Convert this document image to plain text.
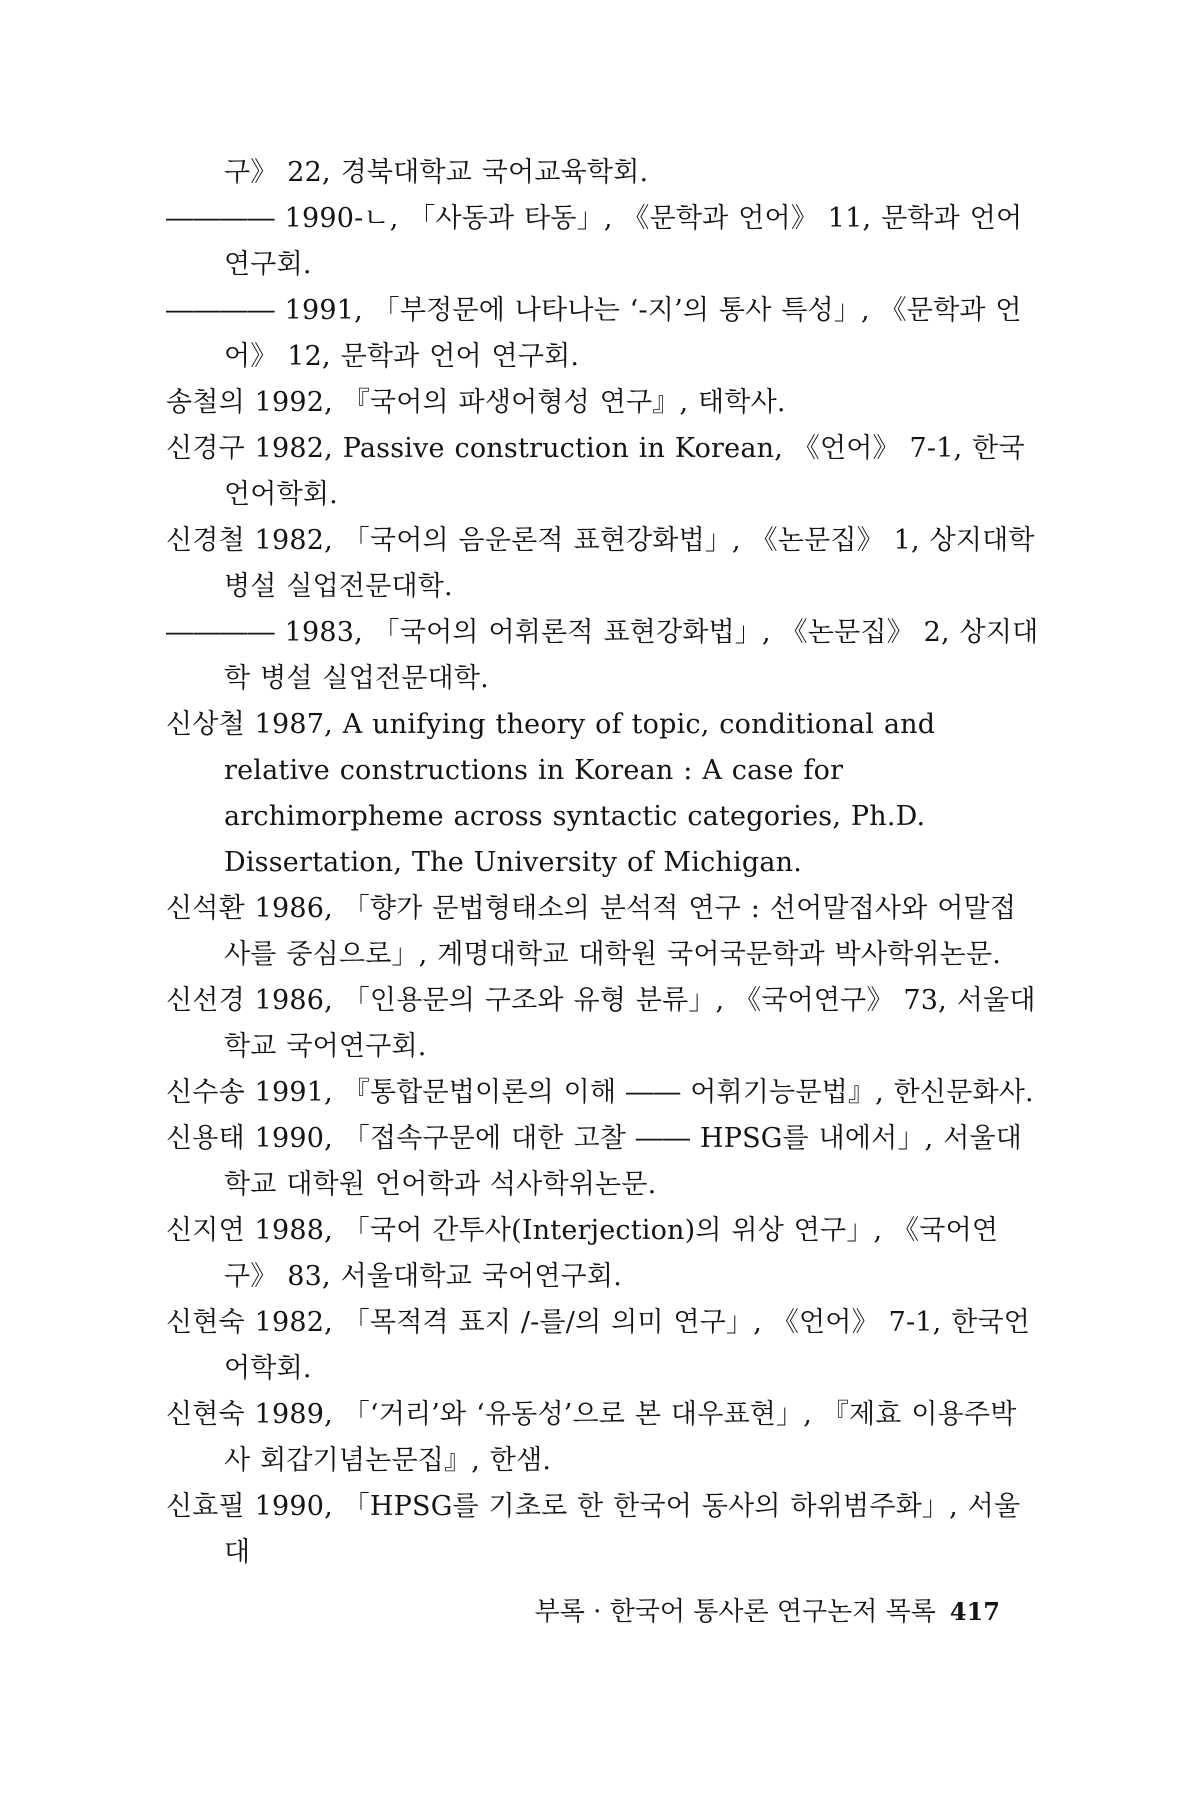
구》 22, 경북대학교 국어교육학회.

―――― 1990-ㄴ, 「사동과 타동」, 《문학과 언어》 11, 문학과 언어 연구회.

―――― 1991, 「부정문에 나타나는 ‘-지’의 통사 특성」, 《문학과 언어》 12, 문학과 언어 연구회.

송철의 1992, 『국어의 파생어형성 연구』, 태학사.

신경구 1982, Passive construction in Korean, 《언어》 7-1, 한국언어학회.

신경철 1982, 「국어의 음운론적 표현강화법」, 《논문집》 1, 상지대학 병설 실업전문대학.

―――― 1983, 「국어의 어휘론적 표현강화법」, 《논문집》 2, 상지대학 병설 실업전문대학.

신상철 1987, A unifying theory of topic, conditional and relative constructions in Korean : A case for archimorpheme across syntactic categories, Ph.D. Dissertation, The University of Michigan.

신석환 1986, 「향가 문법형태소의 분석적 연구 : 선어말접사와 어말접사를 중심으로」, 계명대학교 대학원 국어국문학과 박사학위논문.

신선경 1986, 「인용문의 구조와 유형 분류」, 《국어연구》 73, 서울대학교 국어연구회.

신수송 1991, 『통합문법이론의 이해 ―― 어휘기능문법』, 한신문화사.

신용태 1990, 「접속구문에 대한 고찰 ―― HPSG를 내에서」, 서울대학교 대학원 언어학과 석사학위논문.

신지연 1988, 「국어 간투사(Interjection)의 위상 연구」, 《국어연구》 83, 서울대학교 국어연구회.

신현숙 1982, 「목적격 표지 /-를/의 의미 연구」, 《언어》 7-1, 한국언어학회.

신현숙 1989, 「‘거리’와 ‘유동성’으로 본 대우표현」, 『제효 이용주박사 회갑기념논문집』, 한샘.

신효필 1990, 「HPSG를 기초로 한 한국어 동사의 하위범주화」, 서울대

부록 · 한국어 통사론 연구논저 목록 417
